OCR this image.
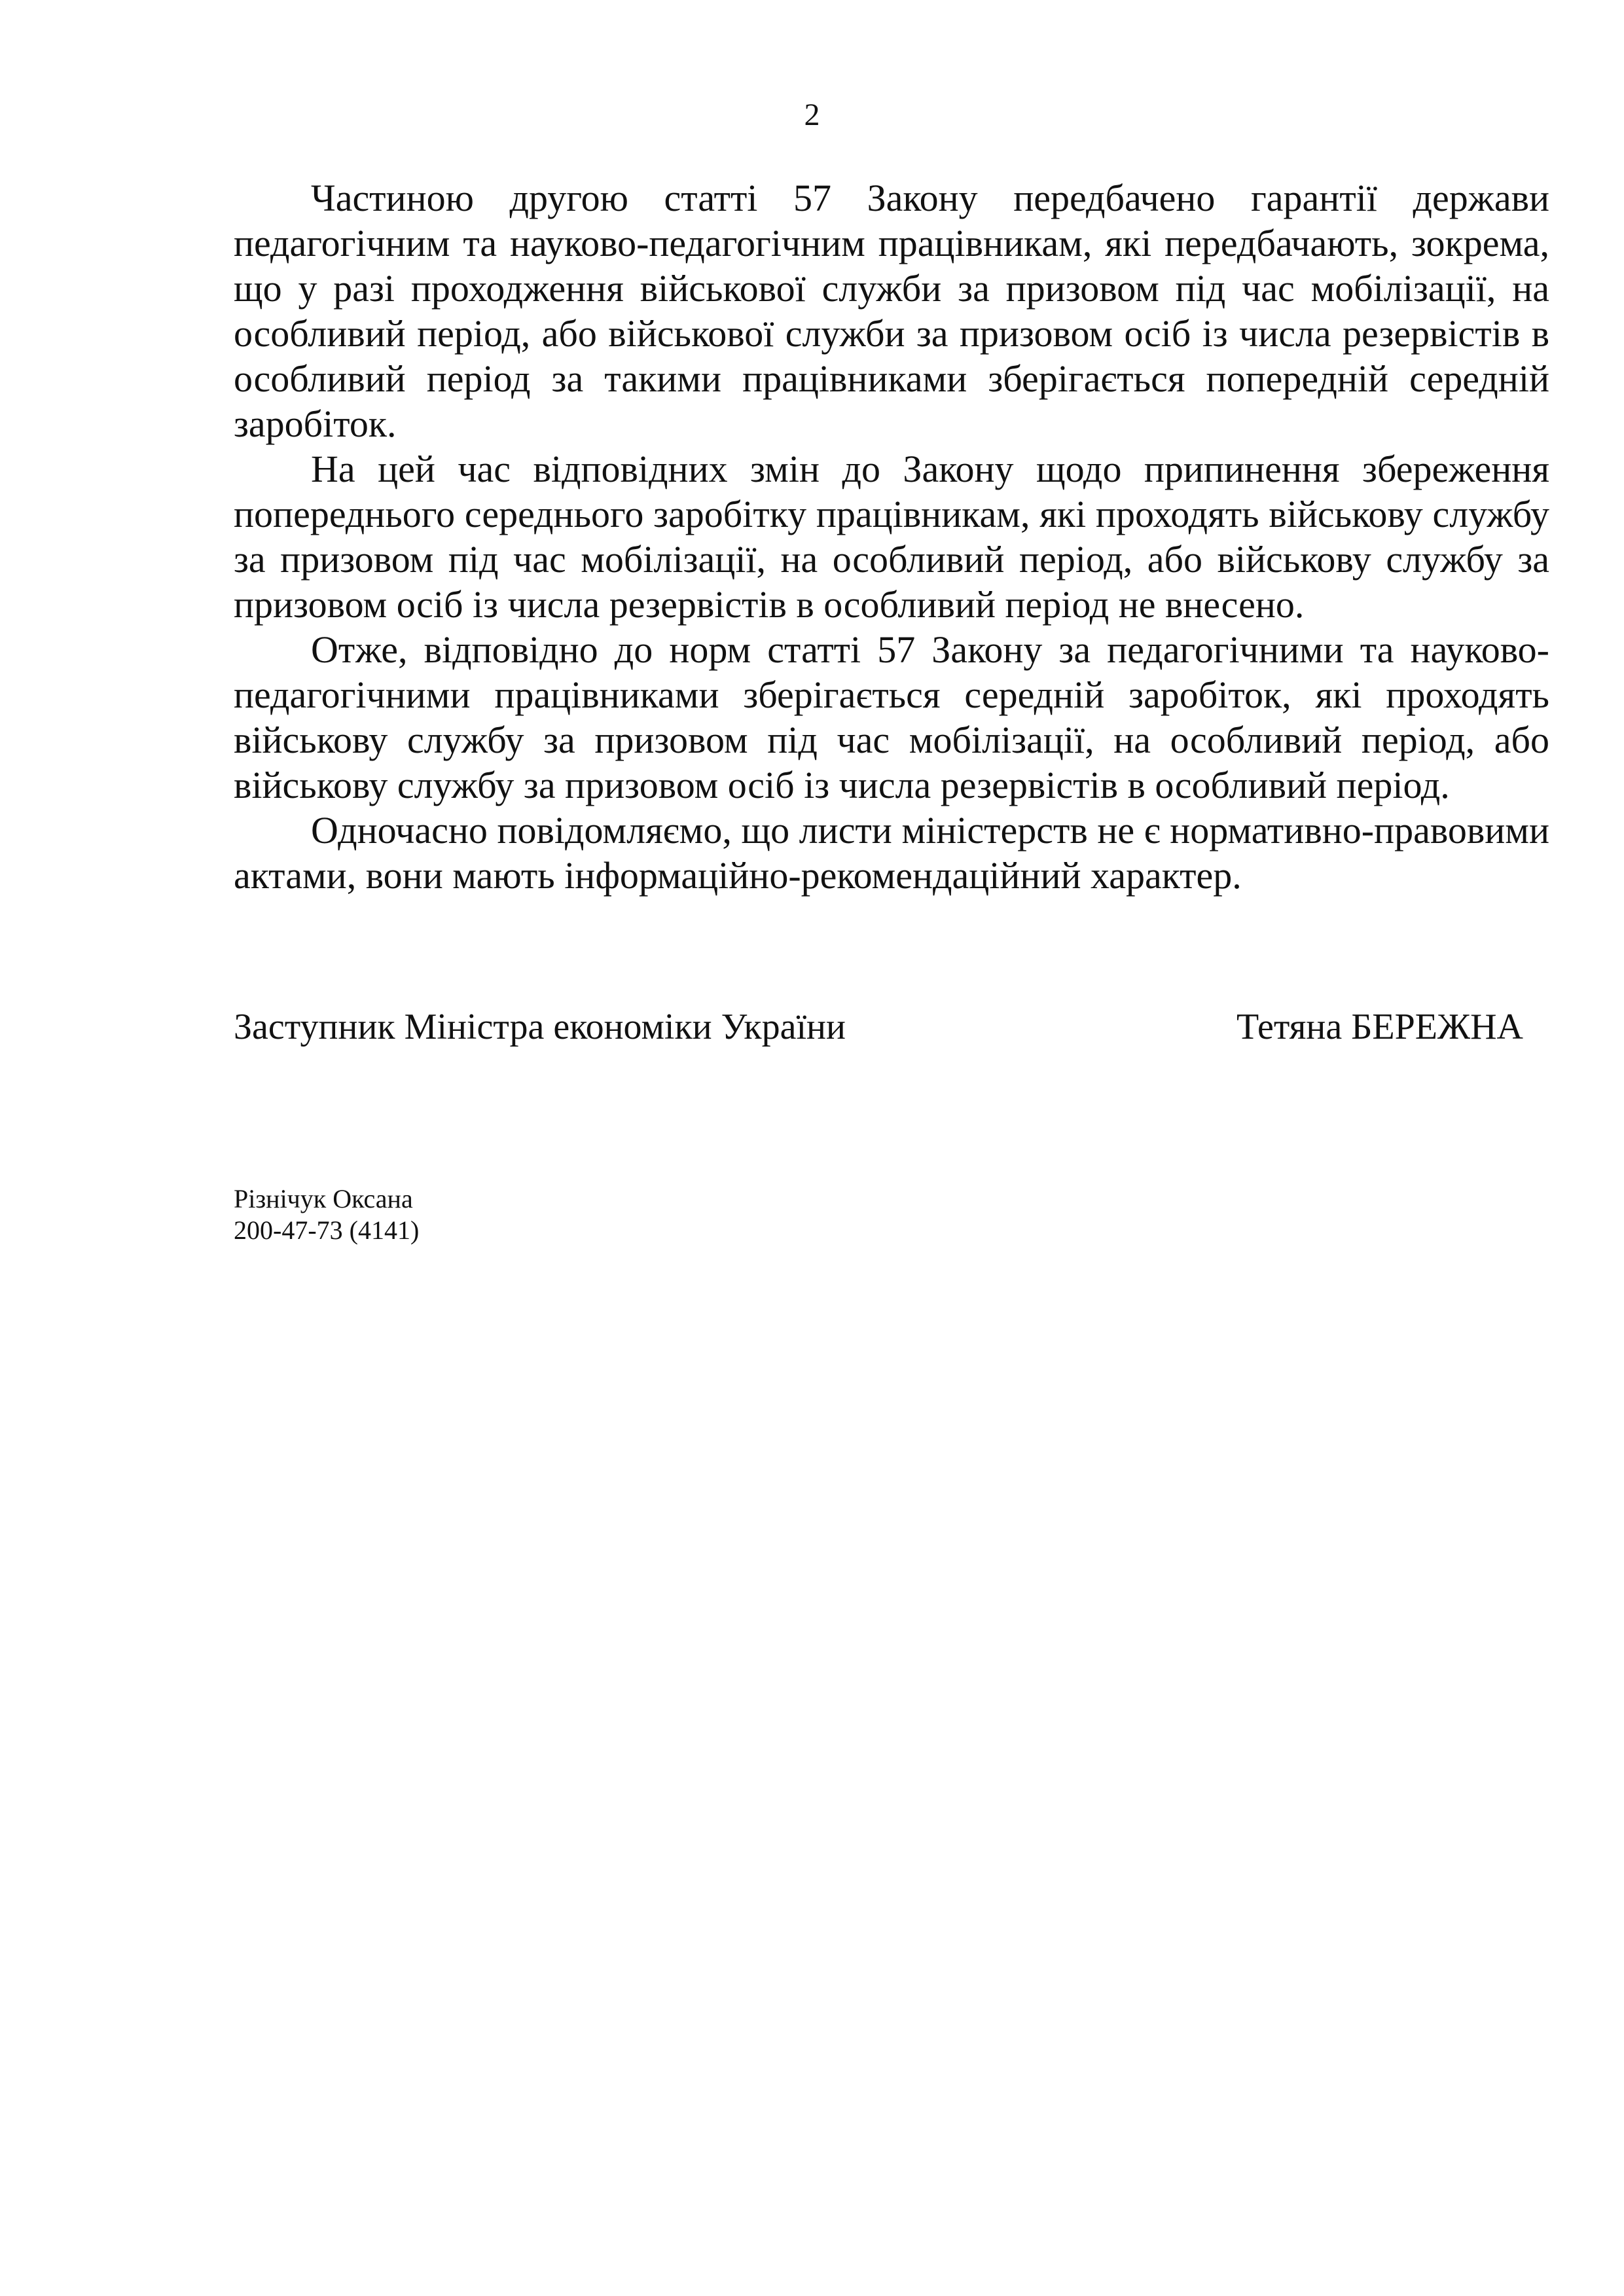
2

Частиною другою статті 57 Закону передбачено гарантії держави педагогічним та науково-педагогічним працівникам, які передбачають, зокрема, що у разі проходження військової служби за призовом під час мобілізації, на особливий період, або військової служби за призовом осіб із числа резервістів в особливий період за такими працівниками зберігається попередній середній заробіток.

На цей час відповідних змін до Закону щодо припинення збереження попереднього середнього заробітку працівникам, які проходять військову службу за призовом під час мобілізації, на особливий період, або військову службу за призовом осіб із числа резервістів в особливий період не внесено.

Отже, відповідно до норм статті 57 Закону за педагогічними та науково-педагогічними працівниками зберігається середній заробіток, які проходять військову службу за призовом під час мобілізації, на особливий період, або військову службу за призовом осіб із числа резервістів в особливий період.

Одночасно повідомляємо, що листи міністерств не є нормативно-правовими актами, вони мають інформаційно-рекомендаційний характер.

Заступник Міністра економіки України	Тетяна БЕРЕЖНА
Різнічук Оксана
200-47-73 (4141)
